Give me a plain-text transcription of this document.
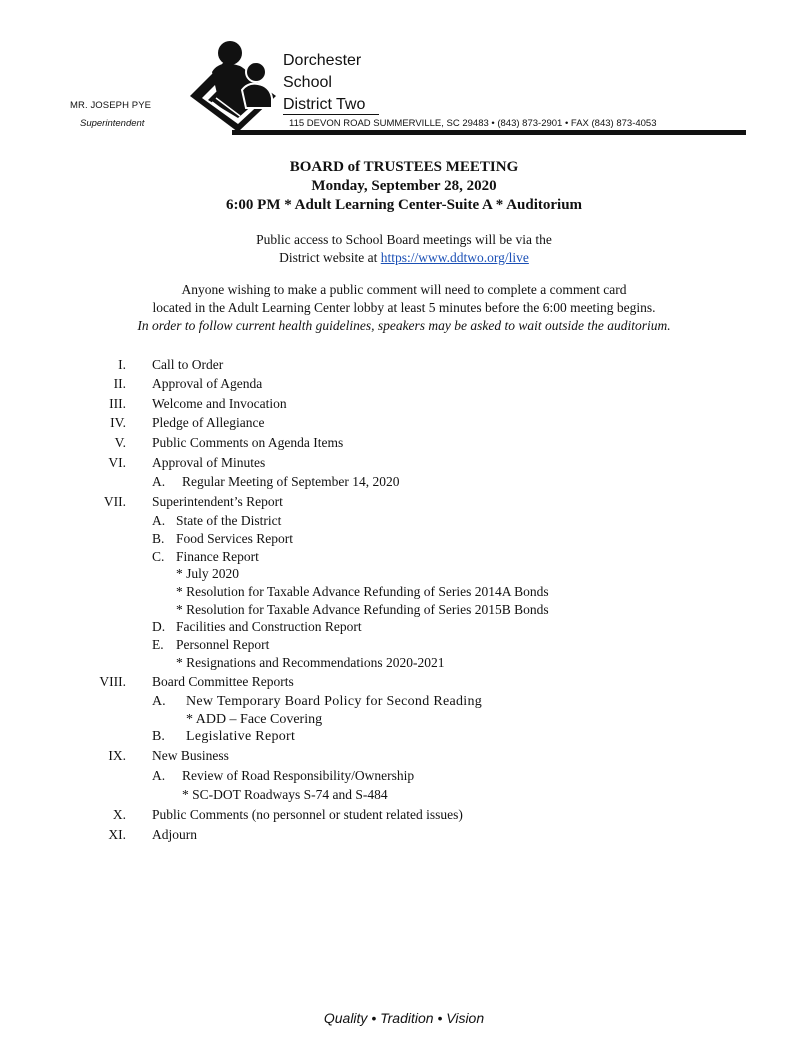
Dorchester
School
District Two
MR. JOSEPH PYE
Superintendent	115 DEVON ROAD SUMMERVILLE, SC 29483 • (843) 873-2901 • FAX (843) 873-4053
BOARD of TRUSTEES MEETING
Monday, September 28, 2020
6:00 PM * Adult Learning Center-Suite A * Auditorium
Public access to School Board meetings will be via the
District website at https://www.ddtwo.org/live
Anyone wishing to make a public comment will need to complete a comment card
located in the Adult Learning Center lobby at least 5 minutes before the 6:00 meeting begins.
In order to follow current health guidelines, speakers may be asked to wait outside the auditorium.
I. Call to Order
II. Approval of Agenda
III. Welcome and Invocation
IV. Pledge of Allegiance
V. Public Comments on Agenda Items
VI. Approval of Minutes
A. Regular Meeting of September 14, 2020
VII. Superintendent’s Report
A. State of the District
B. Food Services Report
C. Finance Report
* July 2020
* Resolution for Taxable Advance Refunding of Series 2014A Bonds
* Resolution for Taxable Advance Refunding of Series 2015B Bonds
D. Facilities and Construction Report
E. Personnel Report
* Resignations and Recommendations 2020-2021
VIII. Board Committee Reports
A. New Temporary Board Policy for Second Reading
* ADD – Face Covering
B. Legislative Report
IX. New Business
A. Review of Road Responsibility/Ownership
* SC-DOT Roadways S-74 and S-484
X. Public Comments (no personnel or student related issues)
XI. Adjourn
Quality • Tradition • Vision
